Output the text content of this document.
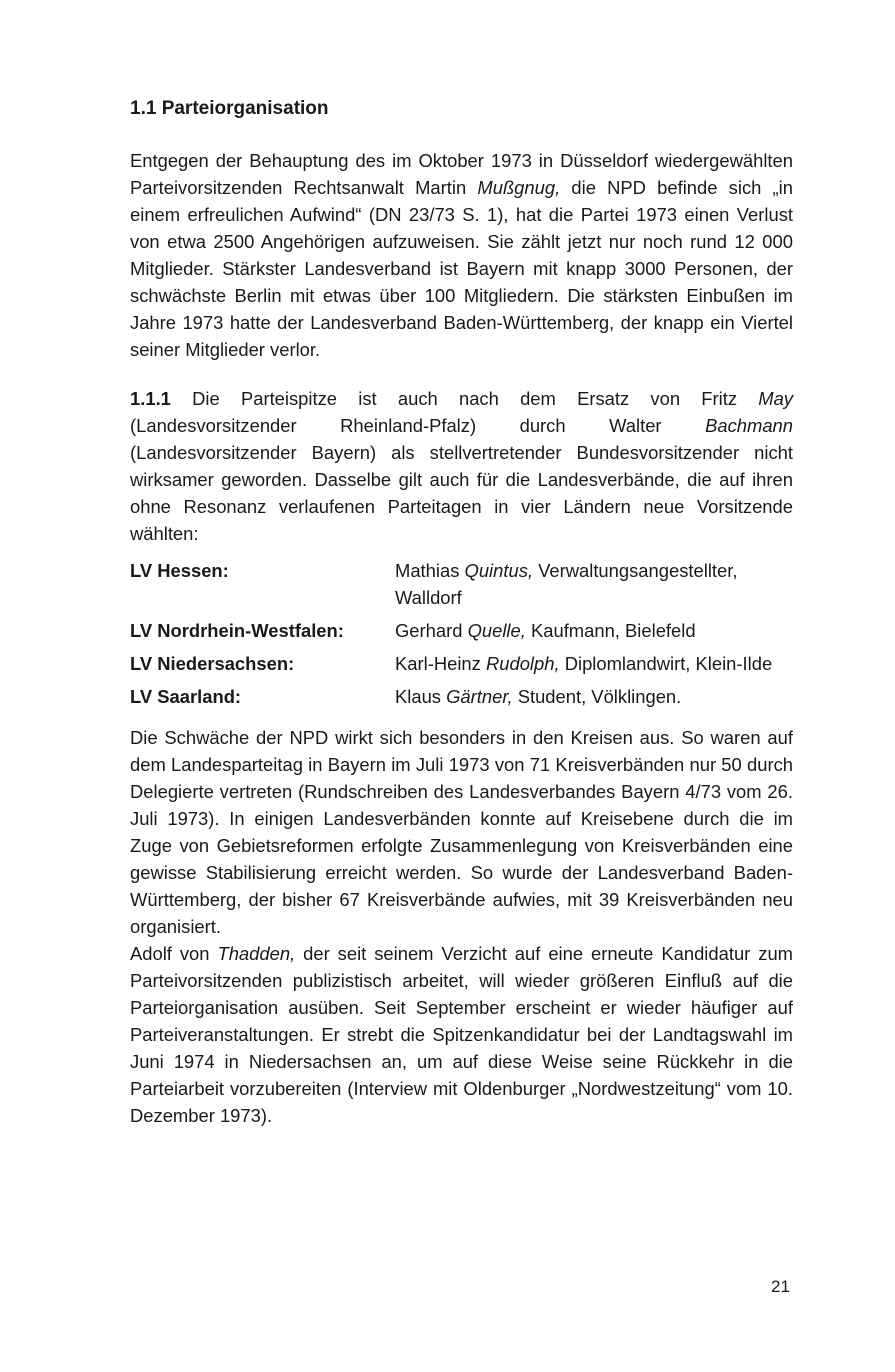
1.1 Parteiorganisation

Entgegen der Behauptung des im Oktober 1973 in Düsseldorf wiedergewählten Parteivorsitzenden Rechtsanwalt Martin Mußgnug, die NPD befinde sich „in einem erfreulichen Aufwind“ (DN 23/73 S. 1), hat die Partei 1973 einen Verlust von etwa 2500 Angehörigen aufzuweisen. Sie zählt jetzt nur noch rund 12 000 Mitglieder. Stärkster Landesverband ist Bayern mit knapp 3000 Personen, der schwächste Berlin mit etwas über 100 Mitgliedern. Die stärksten Einbußen im Jahre 1973 hatte der Landesverband Baden-Württemberg, der knapp ein Viertel seiner Mitglieder verlor.

1.1.1 Die Parteispitze ist auch nach dem Ersatz von Fritz May (Landesvorsitzender Rheinland-Pfalz) durch Walter Bachmann (Landesvorsitzender Bayern) als stellvertretender Bundesvorsitzender nicht wirksamer geworden. Dasselbe gilt auch für die Landesverbände, die auf ihren ohne Resonanz verlaufenen Parteitagen in vier Ländern neue Vorsitzende wählten:

LV Hessen:	Mathias Quintus, Verwaltungsangestellter, Walldorf
LV Nordrhein-Westfalen:	Gerhard Quelle, Kaufmann, Bielefeld
LV Niedersachsen:	Karl-Heinz Rudolph, Diplomlandwirt, Klein-Ilde
LV Saarland:	Klaus Gärtner, Student, Völklingen.

Die Schwäche der NPD wirkt sich besonders in den Kreisen aus. So waren auf dem Landesparteitag in Bayern im Juli 1973 von 71 Kreisverbänden nur 50 durch Delegierte vertreten (Rundschreiben des Landesverbandes Bayern 4/73 vom 26. Juli 1973). In einigen Landesverbänden konnte auf Kreisebene durch die im Zuge von Gebietsreformen erfolgte Zusammenlegung von Kreisverbänden eine gewisse Stabilisierung erreicht werden. So wurde der Landesverband Baden-Württemberg, der bisher 67 Kreisverbände aufwies, mit 39 Kreisverbänden neu organisiert.

Adolf von Thadden, der seit seinem Verzicht auf eine erneute Kandidatur zum Parteivorsitzenden publizistisch arbeitet, will wieder größeren Einfluß auf die Parteiorganisation ausüben. Seit September erscheint er wieder häufiger auf Parteiveranstaltungen. Er strebt die Spitzenkandidatur bei der Landtagswahl im Juni 1974 in Niedersachsen an, um auf diese Weise seine Rückkehr in die Parteiarbeit vorzubereiten (Interview mit Oldenburger „Nordwestzeitung“ vom 10. Dezember 1973).

21
